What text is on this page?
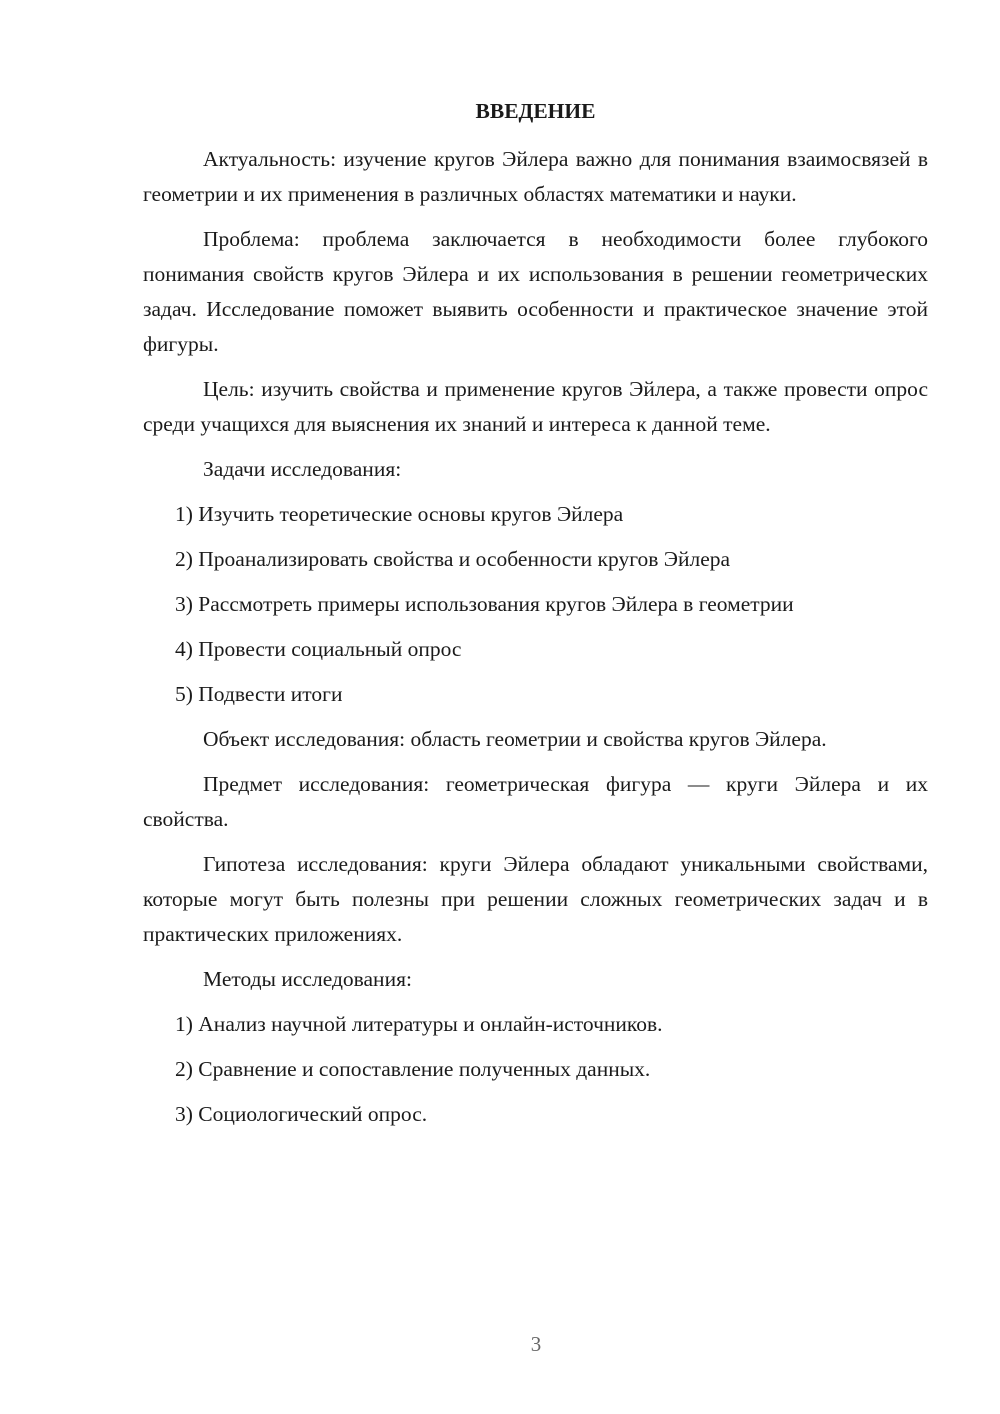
ВВЕДЕНИЕ

Актуальность: изучение кругов Эйлера важно для понимания взаимосвязей в геометрии и их применения в различных областях математики и науки.

Проблема: проблема заключается в необходимости более глубокого понимания свойств кругов Эйлера и их использования в решении геометрических задач. Исследование поможет выявить особенности и практическое значение этой фигуры.

Цель: изучить свойства и применение кругов Эйлера, а также провести опрос среди учащихся для выяснения их знаний и интереса к данной теме.

Задачи исследования:

1) Изучить теоретические основы кругов Эйлера

2) Проанализировать свойства и особенности кругов Эйлера

3) Рассмотреть примеры использования кругов Эйлера в геометрии

4) Провести социальный опрос

5) Подвести итоги

Объект исследования: область геометрии и свойства кругов Эйлера.

Предмет исследования: геометрическая фигура — круги Эйлера и их свойства.

Гипотеза исследования: круги Эйлера обладают уникальными свойствами, которые могут быть полезны при решении сложных геометрических задач и в практических приложениях.

Методы исследования:

1) Анализ научной литературы и онлайн-источников.

2) Сравнение и сопоставление полученных данных.

3) Социологический опрос.

3
